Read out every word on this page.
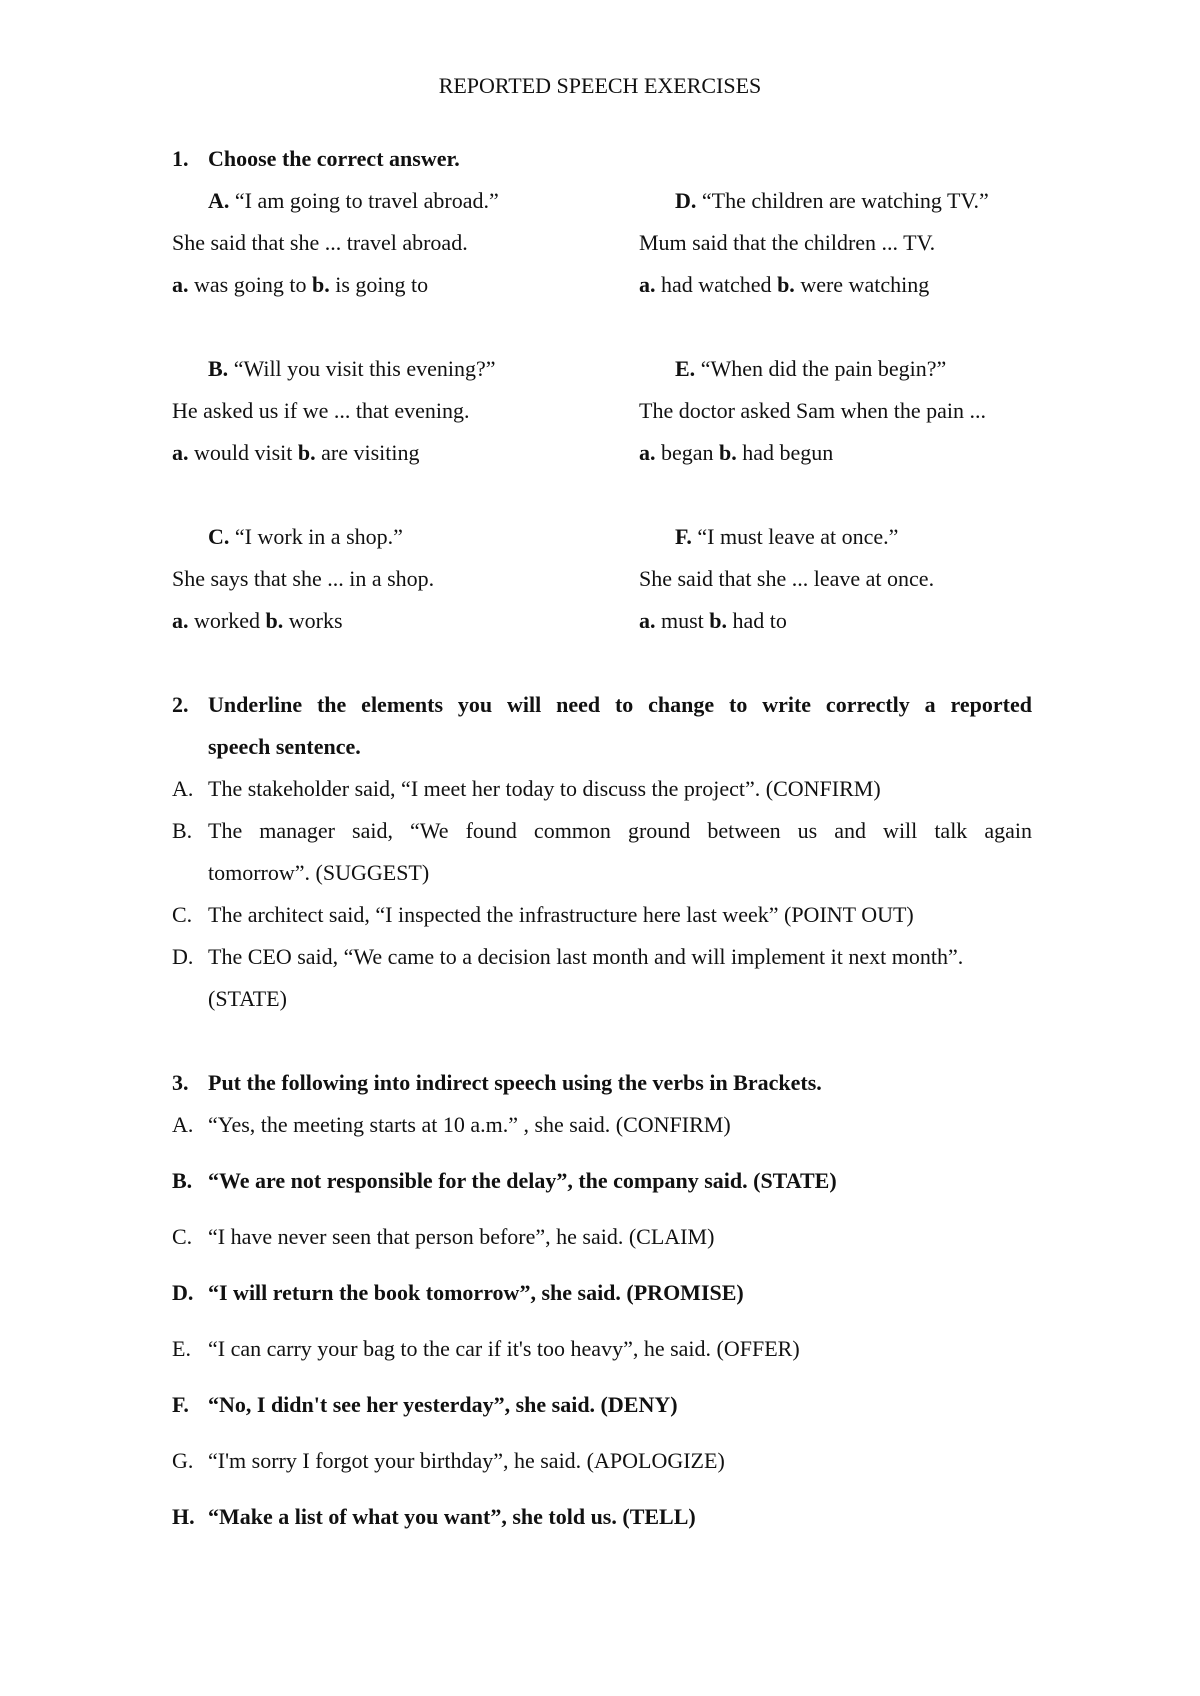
REPORTED SPEECH EXERCISES
1. Choose the correct answer.
A. “I am going to travel abroad.”
She said that she ... travel abroad.
a. was going to b. is going to
B. “Will you visit this evening?”
He asked us if we ... that evening.
a. would visit b. are visiting
C. “I work in a shop.”
She says that she ... in a shop.
a. worked b. works
D. “The children are watching TV.”
Mum said that the children ... TV.
a. had watched b. were watching
E. “When did the pain begin?”
The doctor asked Sam when the pain ...
a. began b. had begun
F. “I must leave at once.”
She said that she ... leave at once.
a. must b. had to
2. Underline the elements you will need to change to write correctly a reported
speech sentence.
A. The stakeholder said, “I meet her today to discuss the project”. (CONFIRM)
B. The manager said, “We found common ground between us and will talk again
tomorrow”. (SUGGEST)
C. The architect said, “I inspected the infrastructure here last week” (POINT OUT)
D. The CEO said, “We came to a decision last month and will implement it next month”.
(STATE)
3. Put the following into indirect speech using the verbs in Brackets.
A. “Yes, the meeting starts at 10 a.m.” , she said. (CONFIRM)
B. “We are not responsible for the delay”, the company said. (STATE)
C. “I have never seen that person before”, he said. (CLAIM)
D. “I will return the book tomorrow”, she said. (PROMISE)
E. “I can carry your bag to the car if it's too heavy”, he said. (OFFER)
F. “No, I didn't see her yesterday”, she said. (DENY)
G. “I'm sorry I forgot your birthday”, he said. (APOLOGIZE)
H. “Make a list of what you want”, she told us. (TELL)
